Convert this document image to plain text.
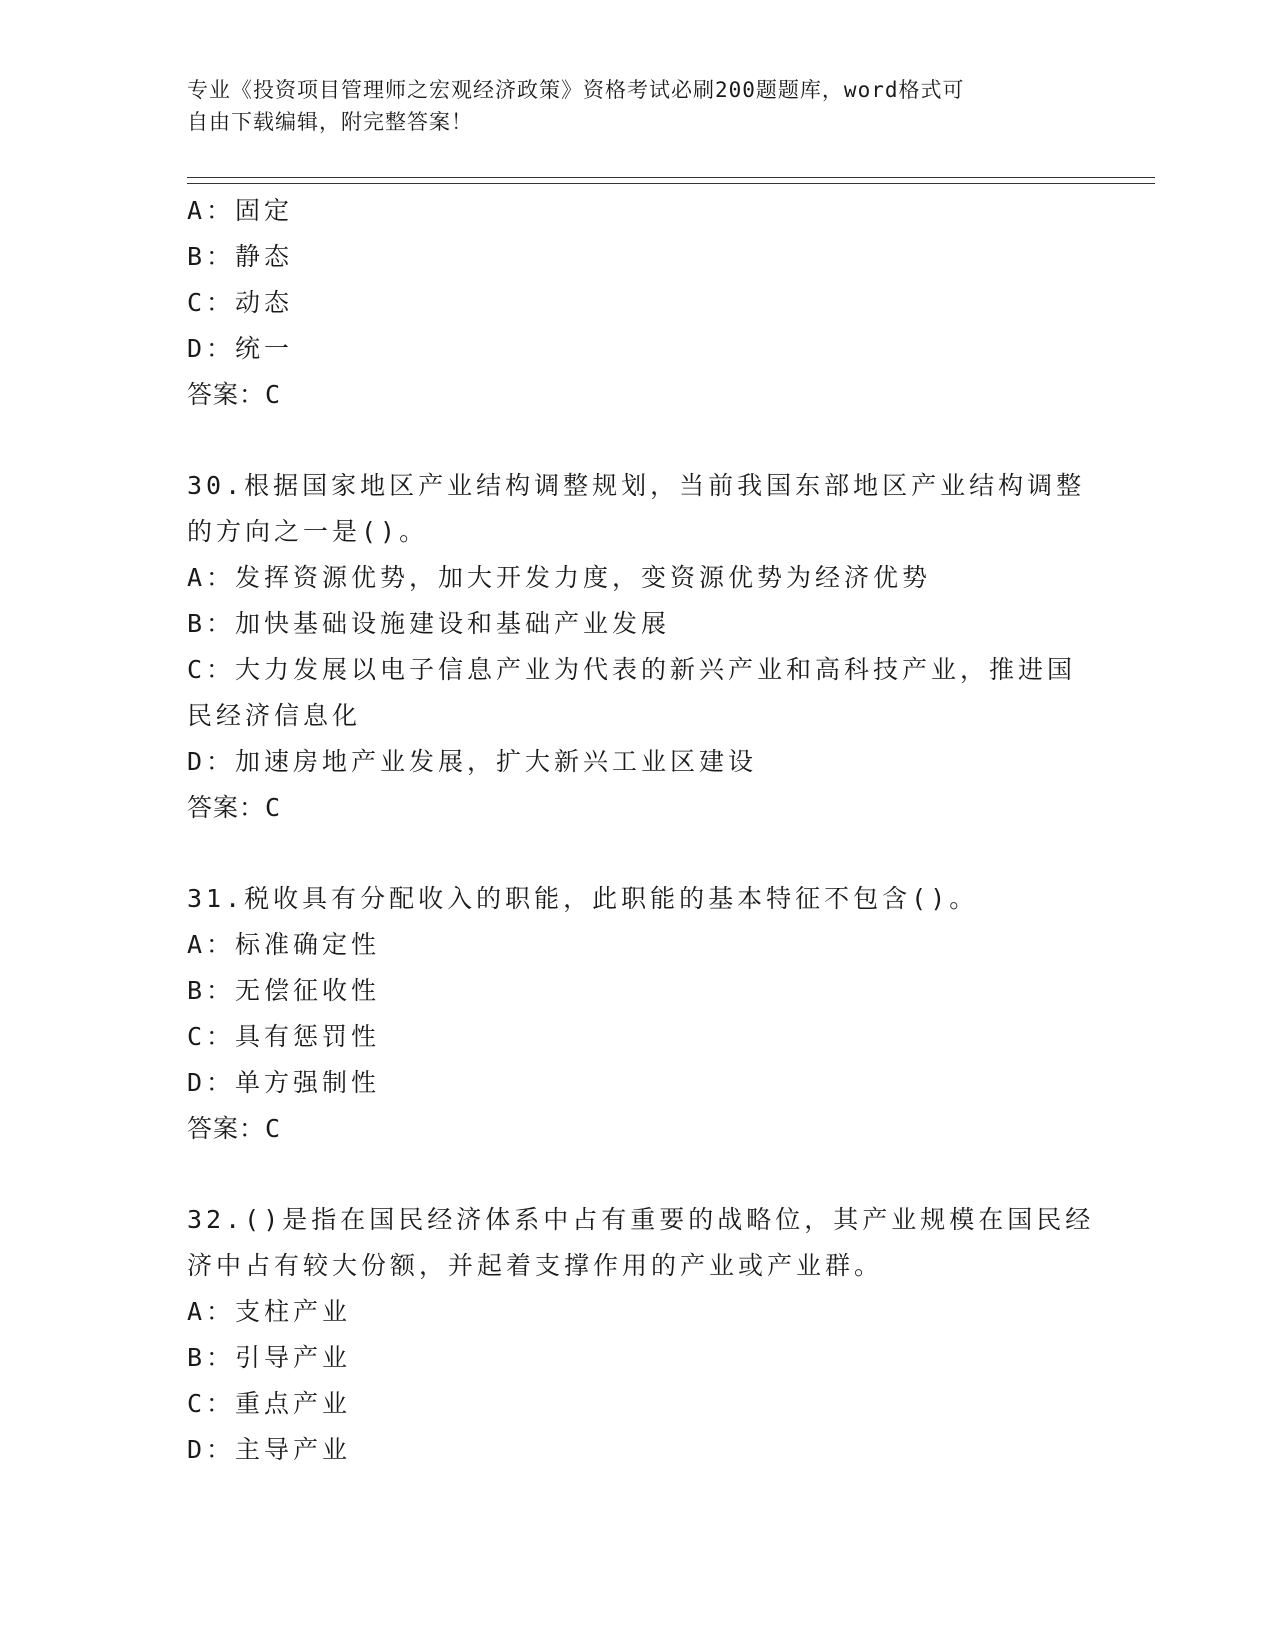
专业《投资项目管理师之宏观经济政策》资格考试必刷200题题库，word格式可
自由下载编辑，附完整答案！
A：固定
B：静态
C：动态
D：统一
答案：C
30.根据国家地区产业结构调整规划，当前我国东部地区产业结构调整
的方向之一是()。
A：发挥资源优势，加大开发力度，变资源优势为经济优势
B：加快基础设施建设和基础产业发展
C：大力发展以电子信息产业为代表的新兴产业和高科技产业，推进国
民经济信息化
D：加速房地产业发展，扩大新兴工业区建设
答案：C
31.税收具有分配收入的职能，此职能的基本特征不包含()。
A：标准确定性
B：无偿征收性
C：具有惩罚性
D：单方强制性
答案：C
32.()是指在国民经济体系中占有重要的战略位，其产业规模在国民经
济中占有较大份额，并起着支撑作用的产业或产业群。
A：支柱产业
B：引导产业
C：重点产业
D：主导产业
